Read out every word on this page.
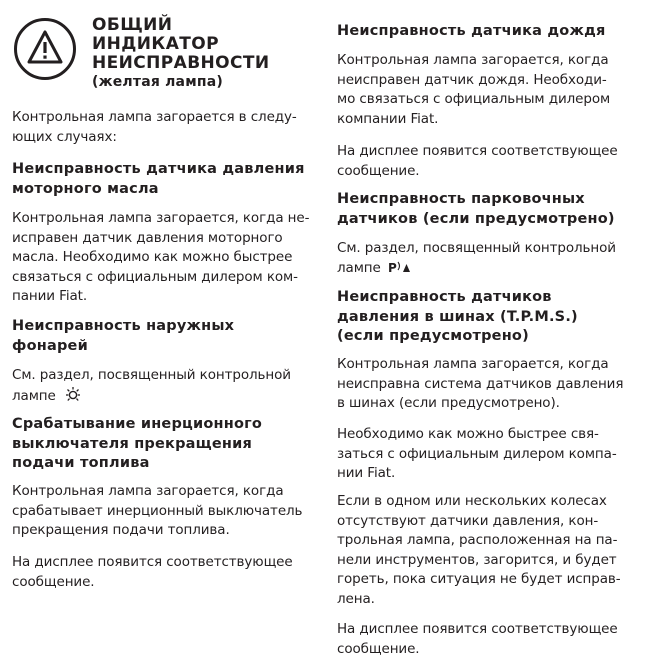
ОБЩИЙ
ИНДИКАТОР
НЕИСПРАВНОСТИ
(желтая лампа)
Контрольная лампа загорается в следу-
ющих случаях:
Неисправность датчика давления
моторного масла
Контрольная лампа загорается, когда не-
исправен датчик давления моторного
масла. Необходимо как можно быстрее
связаться с официальным дилером ком-
пании Fiat.
Неисправность наружных
фонарей
См. раздел, посвященный контрольной
лампе
Срабатывание инерционного
выключателя прекращения
подачи топлива
Контрольная лампа загорается, когда
срабатывает инерционный выключатель
прекращения подачи топлива.
На дисплее появится соответствующее
сообщение.
Неисправность датчика дождя
Контрольная лампа загорается, когда
неисправен датчик дождя. Необходи-
мо связаться с официальным дилером
компании Fiat.
На дисплее появится соответствующее
сообщение.
Неисправность парковочных
датчиков (если предусмотрено)
См. раздел, посвященный контрольной
лампе P
Неисправность датчиков
давления в шинах (T.P.M.S.)
(если предусмотрено)
Контрольная лампа загорается, когда
неисправна система датчиков давления
в шинах (если предусмотрено).
Необходимо как можно быстрее свя-
заться с официальным дилером компа-
нии Fiat.
Если в одном или нескольких колесах
отсутствуют датчики давления, кон-
трольная лампа, расположенная на па-
нели инструментов, загорится, и будет
гореть, пока ситуация не будет исправ-
лена.
На дисплее появится соответствующее
сообщение.
